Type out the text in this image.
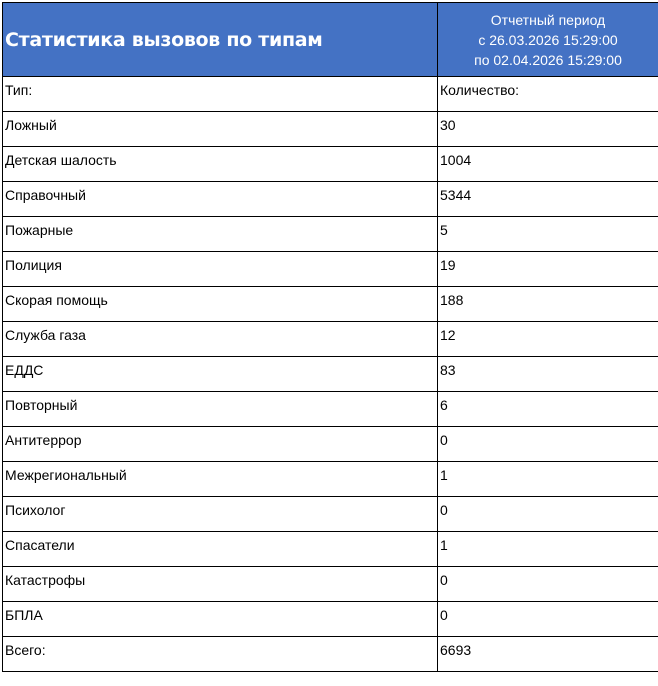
Статистика вызовов по типам	Отчетный период
с 26.03.2026 15:29:00
по 02.04.2026 15:29:00

Тип:	Количество:
Ложный	30
Детская шалость	1004
Справочный	5344
Пожарные	5
Полиция	19
Скорая помощь	188
Служба газа	12
ЕДДС	83
Повторный	6
Антитеррор	0
Межрегиональный	1
Психолог	0
Спасатели	1
Катастрофы	0
БПЛА	0
Всего:	6693
